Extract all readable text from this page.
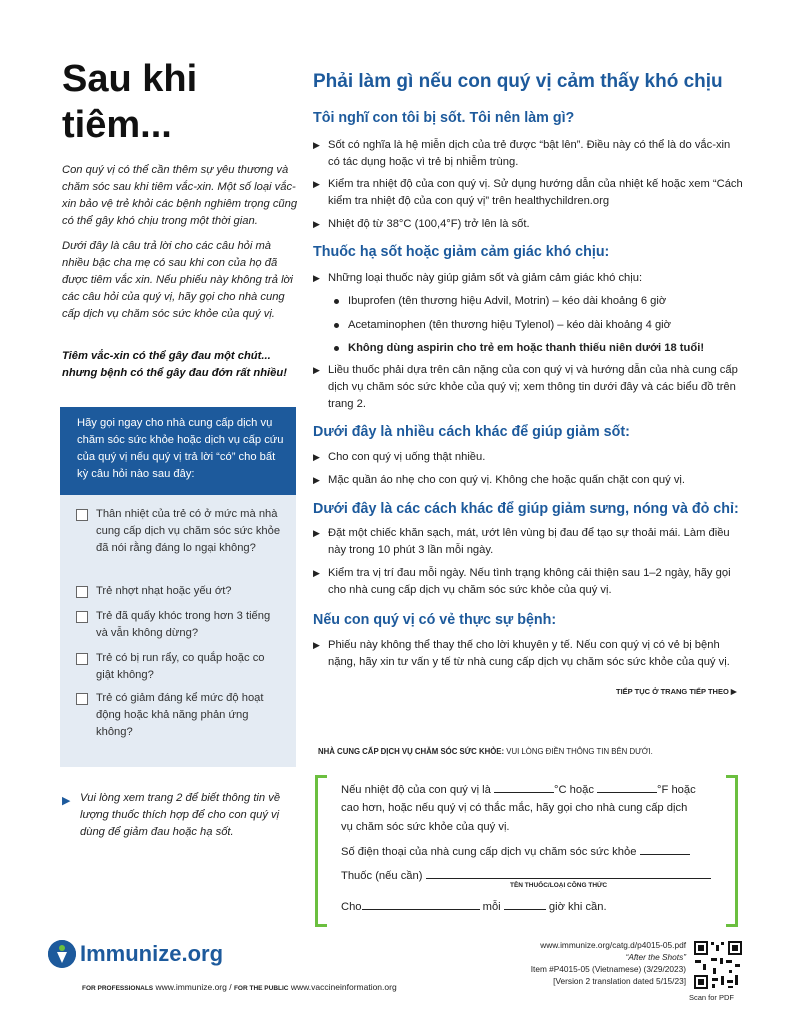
Sau khi tiêm...

Con quý vị có thể cần thêm sự yêu thương và chăm sóc sau khi tiêm vắc-xin. Một số loại vắc-xin bảo vệ trẻ khỏi các bệnh nghiêm trọng cũng có thể gây khó chịu trong một thời gian.

Dưới đây là câu trả lời cho các câu hỏi mà nhiều bậc cha mẹ có sau khi con của họ đã được tiêm vắc xin. Nếu phiếu này không trả lời các câu hỏi của quý vị, hãy gọi cho nhà cung cấp dịch vụ chăm sóc sức khỏe của quý vị.

Tiêm vắc-xin có thể gây đau một chút... nhưng bệnh có thể gây đau đớn rất nhiều!

Hãy gọi ngay cho nhà cung cấp dịch vụ chăm sóc sức khỏe hoặc dịch vụ cấp cứu của quý vị nếu quý vị trả lời “có” cho bất kỳ câu hỏi nào sau đây:

Thân nhiệt của trẻ có ở mức mà nhà cung cấp dịch vụ chăm sóc sức khỏe đã nói rằng đáng lo ngại không?
Trẻ nhợt nhạt hoặc yếu ớt?
Trẻ đã quấy khóc trong hơn 3 tiếng và vẫn không dừng?
Trẻ có bị run rẩy, co quắp hoặc co giật không?
Trẻ có giảm đáng kể mức độ hoạt động hoặc khả năng phản ứng không?
▶ Vui lòng xem trang 2 để biết thông tin về lượng thuốc thích hợp để cho con quý vị dùng để giảm đau hoặc hạ sốt.

Phải làm gì nếu con quý vị cảm thấy khó chịu
Tôi nghĩ con tôi bị sốt. Tôi nên làm gì?
▶ Sốt có nghĩa là hệ miễn dịch của trẻ được “bật lên”. Điều này có thể là do vắc-xin có tác dụng hoặc vì trẻ bị nhiễm trùng.
▶ Kiểm tra nhiệt độ của con quý vị. Sử dụng hướng dẫn của nhiệt kế hoặc xem “Cách kiểm tra nhiệt độ của con quý vị” trên healthychildren.org
▶ Nhiệt độ từ 38°C (100,4°F) trở lên là sốt.
Thuốc hạ sốt hoặc giảm cảm giác khó chịu:
▶ Những loại thuốc này giúp giảm sốt và giảm cảm giác khó chịu:
Ibuprofen (tên thương hiệu Advil, Motrin) – kéo dài khoảng 6 giờ
Acetaminophen (tên thương hiệu Tylenol) – kéo dài khoảng 4 giờ
Không dùng aspirin cho trẻ em hoặc thanh thiếu niên dưới 18 tuổi!
▶ Liều thuốc phải dựa trên cân nặng của con quý vị và hướng dẫn của nhà cung cấp dịch vụ chăm sóc sức khỏe của quý vị; xem thông tin dưới đây và các biểu đồ trên trang 2.
Dưới đây là nhiều cách khác để giúp giảm sốt:
▶ Cho con quý vị uống thật nhiều.
▶ Mặc quần áo nhẹ cho con quý vị. Không che hoặc quấn chặt con quý vị.
Dưới đây là các cách khác để giúp giảm sưng, nóng và đỏ chỉ:
▶ Đặt một chiếc khăn sạch, mát, ướt lên vùng bị đau để tạo sự thoải mái. Làm điều này trong 10 phút 3 lần mỗi ngày.
▶ Kiểm tra vị trí đau mỗi ngày. Nếu tình trạng không cải thiện sau 1–2 ngày, hãy gọi cho nhà cung cấp dịch vụ chăm sóc sức khỏe của quý vị.
Nếu con quý vị có vẻ thực sự bệnh:
▶ Phiếu này không thể thay thế cho lời khuyên y tế. Nếu con quý vị có vẻ bị bệnh nặng, hãy xin tư vấn y tế từ nhà cung cấp dịch vụ chăm sóc sức khỏe của quý vị.
TIẾP TỤC Ở TRANG TIẾP THEO ▶
NHÀ CUNG CẤP DỊCH VỤ CHĂM SÓC SỨC KHỎE: VUI LÒNG ĐIỀN THÔNG TIN BÊN DƯỚI.
Nếu nhiệt độ của con quý vị là	°C hoặc	°F hoặc
cao hơn, hoặc nếu quý vị có thắc mắc, hãy gọi cho nhà cung cấp dịch
vụ chăm sóc sức khỏe của quý vị.
Số điện thoại của nhà cung cấp dịch vụ chăm sóc sức khỏe
Thuốc (nếu cần)
TÊN THUỐC/LOẠI CÔNG THỨC
Cho	mỗi	giờ khi cần.
Immunize.org
FOR PROFESSIONALS www.immunize.org / FOR THE PUBLIC www.vaccineinformation.org
www.immunize.org/catg.d/p4015-05.pdf
“After the Shots”
Item #P4015-05 (Vietnamese) (3/29/2023)
[Version 2 translation dated 5/15/23]
Scan for PDF
